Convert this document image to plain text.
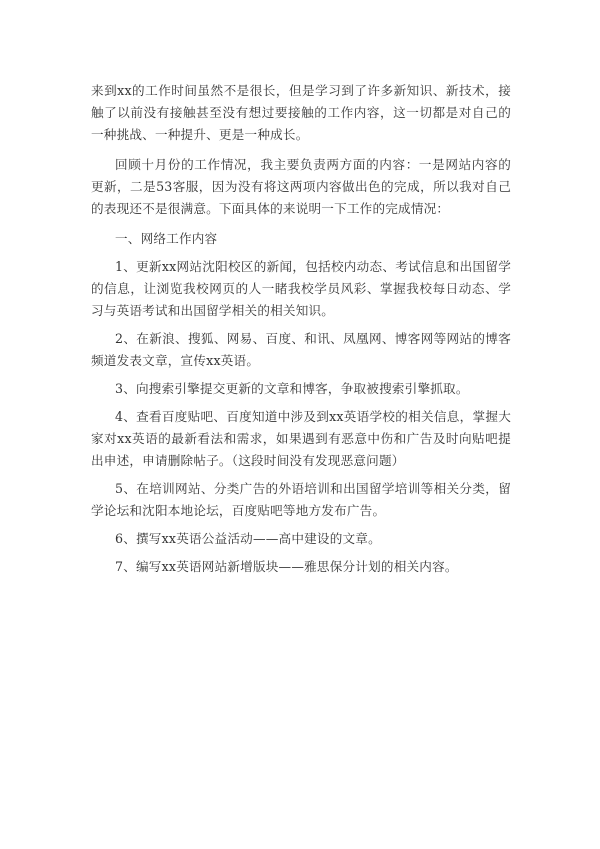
来到xx的工作时间虽然不是很长，但是学习到了许多新知识、新技术，接触了以前没有接触甚至没有想过要接触的工作内容，这一切都是对自己的一种挑战、一种提升、更是一种成长。

回顾十月份的工作情况，我主要负责两方面的内容：一是网站内容的更新，二是53客服，因为没有将这两项内容做出色的完成，所以我对自己的表现还不是很满意。下面具体的来说明一下工作的完成情况：

一、网络工作内容

1、更新xx网站沈阳校区的新闻，包括校内动态、考试信息和出国留学的信息，让浏览我校网页的人一睹我校学员风彩、掌握我校每日动态、学习与英语考试和出国留学相关的相关知识。

2、在新浪、搜狐、网易、百度、和讯、凤凰网、博客网等网站的博客频道发表文章，宣传xx英语。

3、向搜索引擎提交更新的文章和博客，争取被搜索引擎抓取。

4、查看百度贴吧、百度知道中涉及到xx英语学校的相关信息，掌握大家对xx英语的最新看法和需求，如果遇到有恶意中伤和广告及时向贴吧提出申述，申请删除帖子。（这段时间没有发现恶意问题）

5、在培训网站、分类广告的外语培训和出国留学培训等相关分类，留学论坛和沈阳本地论坛，百度贴吧等地方发布广告。

6、撰写xx英语公益活动——高中建设的文章。

7、编写xx英语网站新增版块——雅思保分计划的相关内容。
